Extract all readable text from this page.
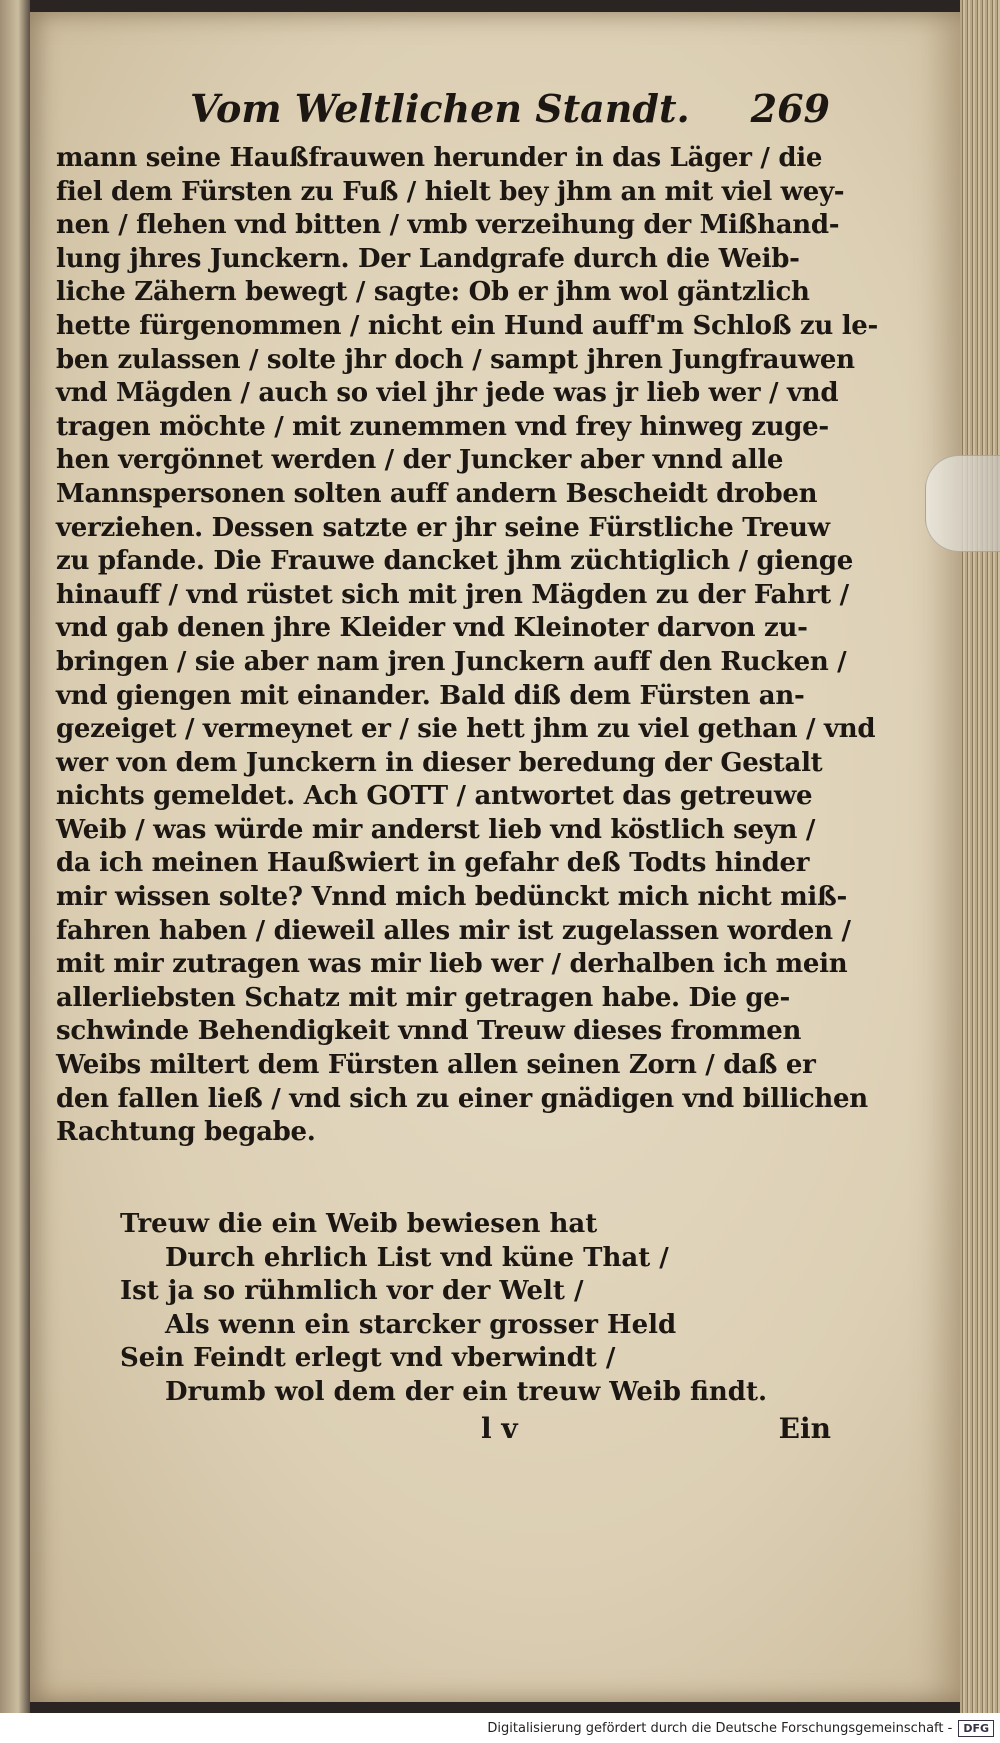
Vom Weltlichen Standt. 269
mann seine Haußfrauwen herunder in das Läger / die
fiel dem Fürsten zu Fuß / hielt bey jhm an mit viel wey-
nen / flehen vnd bitten / vmb verzeihung der Mißhand-
lung jhres Junckern. Der Landgrafe durch die Weib-
liche Zähern bewegt / sagte: Ob er jhm wol gäntzlich
hette fürgenommen / nicht ein Hund auff'm Schloß zu le-
ben zulassen / solte jhr doch / sampt jhren Jungfrauwen
vnd Mägden / auch so viel jhr jede was jr lieb wer / vnd
tragen möchte / mit zunemmen vnd frey hinweg zuge-
hen vergönnet werden / der Juncker aber vnnd alle
Mannspersonen solten auff andern Bescheidt droben
verziehen. Dessen satzte er jhr seine Fürstliche Treuw
zu pfande. Die Frauwe dancket jhm züchtiglich / gienge
hinauff / vnd rüstet sich mit jren Mägden zu der Fahrt /
vnd gab denen jhre Kleider vnd Kleinoter darvon zu-
bringen / sie aber nam jren Junckern auff den Rucken /
vnd giengen mit einander. Bald diß dem Fürsten an-
gezeiget / vermeynet er / sie hett jhm zu viel gethan / vnd
wer von dem Junckern in dieser beredung der Gestalt
nichts gemeldet. Ach GOTT / antwortet das getreuwe
Weib / was würde mir anderst lieb vnd köstlich seyn /
da ich meinen Haußwiert in gefahr deß Todts hinder
mir wissen solte? Vnnd mich bedünckt mich nicht miß-
fahren haben / dieweil alles mir ist zugelassen worden /
mit mir zutragen was mir lieb wer / derhalben ich mein
allerliebsten Schatz mit mir getragen habe. Die ge-
schwinde Behendigkeit vnnd Treuw dieses frommen
Weibs miltert dem Fürsten allen seinen Zorn / daß er
den fallen ließ / vnd sich zu einer gnädigen vnd billichen
Rachtung begabe.
Treuw die ein Weib bewiesen hat
Durch ehrlich List vnd küne That /
Ist ja so rühmlich vor der Welt /
Als wenn ein starcker grosser Held
Sein Feindt erlegt vnd vberwindt /
Drumb wol dem der ein treuw Weib findt.
l v	Ein
Digitalisierung gefördert durch die Deutsche Forschungsgemeinschaft -	DFG
